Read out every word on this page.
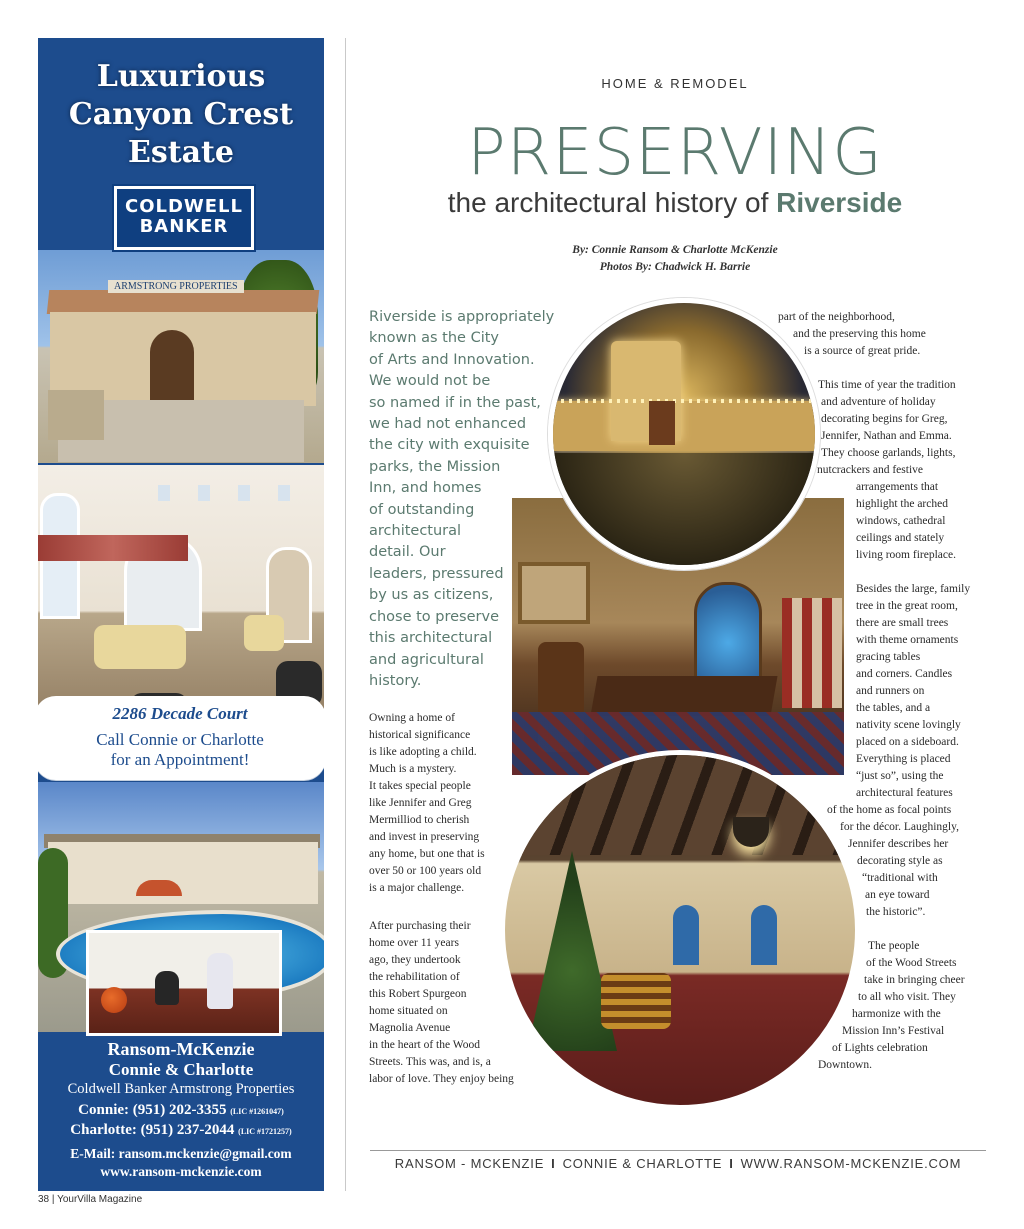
Luxurious
Canyon Crest
Estate
ARMSTRONG PROPERTIES
COLDWELL
BANKER
2286 Decade Court
Call Connie or Charlotte
for an Appointment!
Ransom-McKenzie
Connie & Charlotte
Coldwell Banker Armstrong Properties
Connie: (951) 202-3355 (LIC #1261047)
Charlotte: (951) 237-2044 (LIC #1721257)
E-Mail: ransom.mckenzie@gmail.com
www.ransom-mckenzie.com
HOME & REMODEL
PRESERVING
the architectural history of Riverside
By: Connie Ransom & Charlotte McKenzie
Photos By: Chadwick H. Barrie
Riverside is appropriately
known as the City
of Arts and Innovation.
We would not be
so named if in the past,
we had not enhanced
the city with exquisite
parks, the Mission
Inn, and homes
of outstanding
architectural
detail. Our
leaders, pressured
by us as citizens,
chose to preserve
this architectural
and agricultural
history.
Owning a home of
historical significance
is like adopting a child.
Much is a mystery.
It takes special people
like Jennifer and Greg
Mermilliod to cherish
and invest in preserving
any home, but one that is
over 50 or 100 years old
is a major challenge.
After purchasing their
home over 11 years
ago, they undertook
the rehabilitation of
this Robert Spurgeon
home situated on
Magnolia Avenue
in the heart of the Wood
Streets. This was, and is, a
labor of love. They enjoy being
part of the neighborhood,
and the preserving this home
is a source of great pride.
This time of year the tradition
and adventure of holiday
decorating begins for Greg,
Jennifer, Nathan and Emma.
They choose garlands, lights,
nutcrackers and festive
arrangements that
highlight the arched
windows, cathedral
ceilings and stately
living room fireplace.
Besides the large, family
tree in the great room,
there are small trees
with theme ornaments
gracing tables
and corners. Candles
and runners on
the tables, and a
nativity scene lovingly
placed on a sideboard.
Everything is placed
“just so”, using the
architectural features
of the home as focal points
for the décor. Laughingly,
Jennifer describes her
decorating style as
“traditional with
an eye toward
the historic”.
The people
of the Wood Streets
take in bringing cheer
to all who visit. They
harmonize with the
Mission Inn’s Festival
of Lights celebration
Downtown.
RANSOM - MCKENZIE I CONNIE & CHARLOTTE I WWW.RANSOM-MCKENZIE.COM
38 | YourVilla Magazine
